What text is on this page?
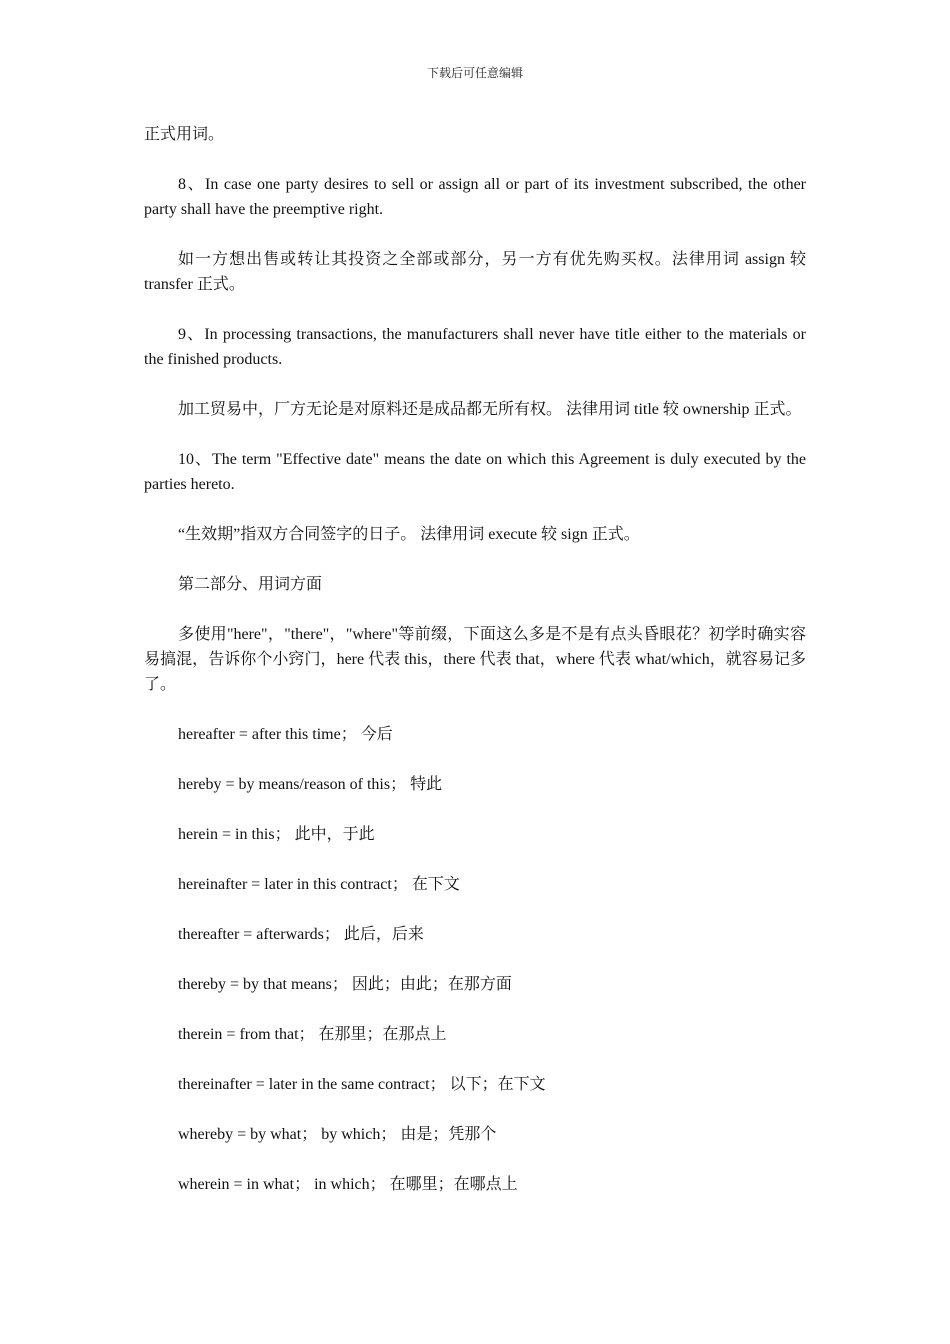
下载后可任意编辑

正式用词。

8、In case one party desires to sell or assign all or part of its investment subscribed, the other party shall have the preemptive right.

如一方想出售或转让其投资之全部或部分，另一方有优先购买权。法律用词 assign 较 transfer 正式。

9、In processing transactions, the manufacturers shall never have title either to the materials or the finished products.

加工贸易中，厂方无论是对原料还是成品都无所有权。 法律用词 title 较 ownership 正式。

10、The term "Effective date" means the date on which this Agreement is duly executed by the parties hereto.

“生效期”指双方合同签字的日子。 法律用词 execute 较 sign 正式。

第二部分、用词方面

多使用"here"，"there"，"where"等前缀，下面这么多是不是有点头昏眼花？初学时确实容易搞混，告诉你个小窍门，here 代表 this，there 代表 that，where 代表 what/which，就容易记多了。

hereafter = after this time； 今后

hereby = by means/reason of this； 特此

herein = in this； 此中，于此

hereinafter = later in this contract； 在下文

thereafter = afterwards； 此后，后来

thereby = by that means； 因此；由此；在那方面

therein = from that； 在那里；在那点上

thereinafter = later in the same contract； 以下；在下文

whereby = by what； by which； 由是；凭那个

wherein = in what； in which； 在哪里；在哪点上
